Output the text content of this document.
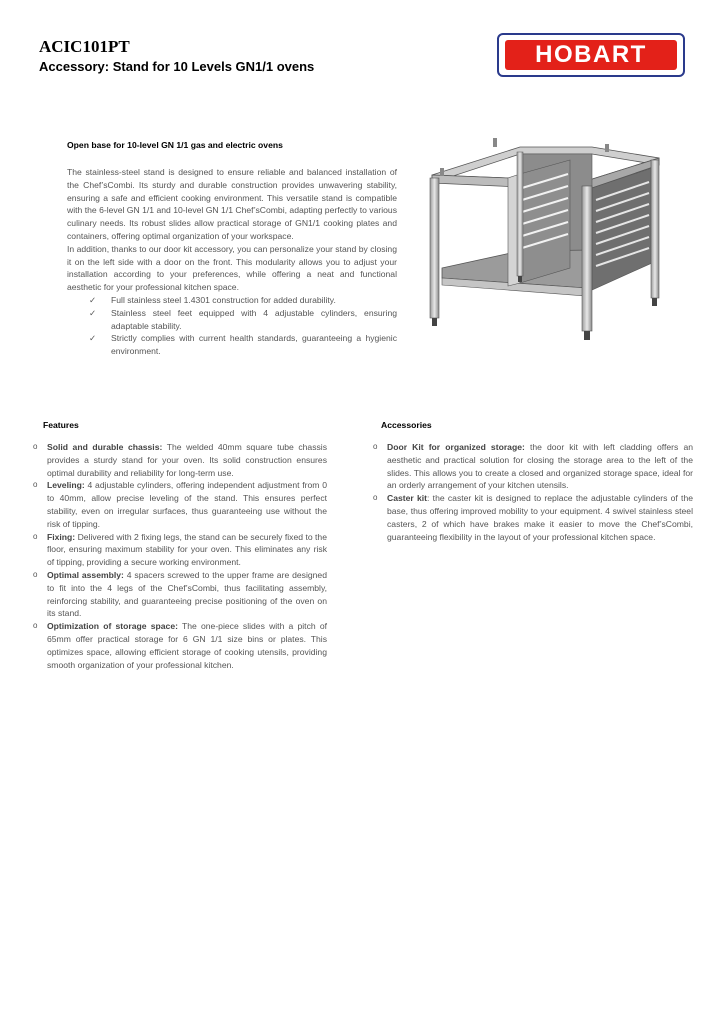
ACIC101PT
Accessory: Stand for 10 Levels GN1/1 ovens	HOBART
Open base for 10-level GN 1/1 gas and electric ovens

The stainless-steel stand is designed to ensure reliable and balanced installation of the Chef’sCombi. Its sturdy and durable construction provides unwavering stability, ensuring a safe and efficient cooking environment. This versatile stand is compatible with the 6-level GN 1/1 and 10-level GN 1/1 Chef’sCombi, adapting perfectly to various culinary needs. Its robust slides allow practical storage of GN1/1 cooking plates and containers, offering optimal organization of your workspace.

In addition, thanks to our door kit accessory, you can personalize your stand by closing it on the left side with a door on the front. This modularity allows you to adjust your installation according to your preferences, while offering a neat and functional aesthetic for your professional kitchen space.

✓ Full stainless steel 1.4301 construction for added durability.
✓ Stainless steel feet equipped with 4 adjustable cylinders, ensuring adaptable stability.
✓ Strictly complies with current health standards, guaranteeing a hygienic environment.
Features	Accessories
o Solid and durable chassis: The welded 40mm square tube chassis provides a sturdy stand for your oven. Its solid construction ensures optimal durability and reliability for long-term use.
o Leveling: 4 adjustable cylinders, offering independent adjustment from 0 to 40mm, allow precise leveling of the stand. This ensures perfect stability, even on irregular surfaces, thus guaranteeing use without the risk of tipping.
o Fixing: Delivered with 2 fixing legs, the stand can be securely fixed to the floor, ensuring maximum stability for your oven. This eliminates any risk of tipping, providing a secure working environment.
o Optimal assembly: 4 spacers screwed to the upper frame are designed to fit into the 4 legs of the Chef’sCombi, thus facilitating assembly, reinforcing stability, and guaranteeing precise positioning of the oven on its stand.
o Optimization of storage space: The one-piece slides with a pitch of 65mm offer practical storage for 6 GN 1/1 size bins or plates. This optimizes space, allowing efficient storage of cooking utensils, providing smooth organization of your professional kitchen.
o Door Kit for organized storage: the door kit with left cladding offers an aesthetic and practical solution for closing the storage area to the left of the slides. This allows you to create a closed and organized storage space, ideal for an orderly arrangement of your kitchen utensils.
o Caster kit: the caster kit is designed to replace the adjustable cylinders of the base, thus offering improved mobility to your equipment. 4 swivel stainless steel casters, 2 of which have brakes make it easier to move the Chef’sCombi, guaranteeing flexibility in the layout of your professional kitchen space.
